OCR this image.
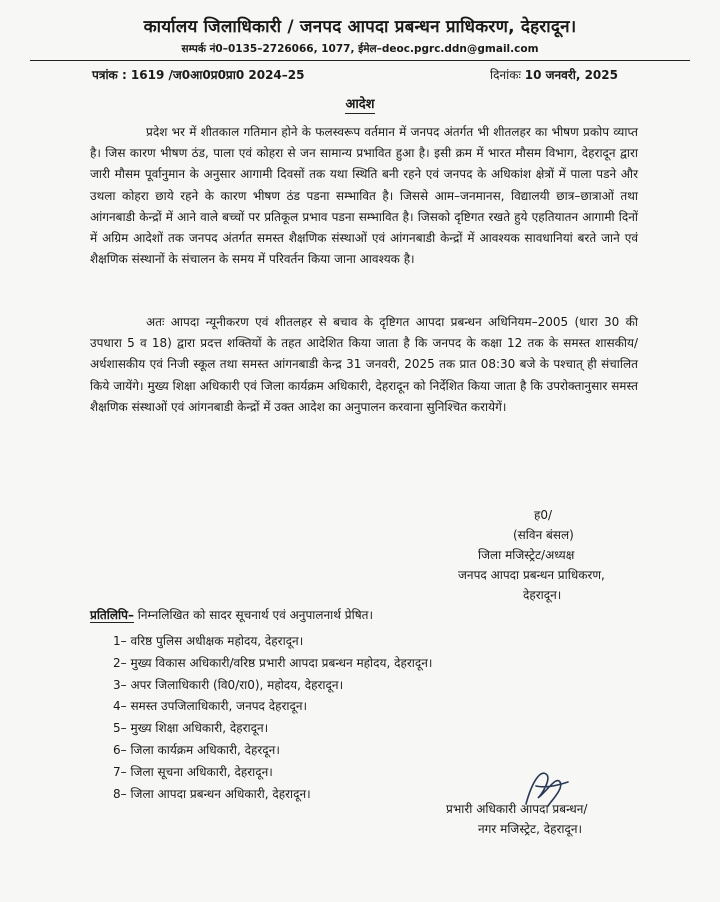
कार्यालय जिलाधिकारी / जनपद आपदा प्रबन्धन प्राधिकरण, देहरादून।
सम्पर्क नं0–0135–2726066, 1077, ईमेल–deoc.pgrc.ddn@gmail.com
पत्रांक : 1619 /ज0आ0प्र0प्रा0 2024–25	दिनांकः 10 जनवरी, 2025
आदेश
प्रदेश भर में शीतकाल गतिमान होने के फलस्वरूप वर्तमान में जनपद अंतर्गत भी शीतलहर का भीषण प्रकोप व्याप्त है। जिस कारण भीषण ठंड, पाला एवं कोहरा से जन सामान्य प्रभावित हुआ है। इसी क्रम में भारत मौसम विभाग, देहरादून द्वारा जारी मौसम पूर्वानुमान के अनुसार आगामी दिवसों तक यथा स्थिति बनी रहने एवं जनपद के अधिकांश क्षेत्रों में पाला पडने और उथला कोहरा छाये रहने के कारण भीषण ठंड पडना सम्भावित है। जिससे आम–जनमानस, विद्यालयी छात्र–छात्राओं तथा आंगनबाडी केन्द्रों में आने वाले बच्चों पर प्रतिकूल प्रभाव पडना सम्भावित है। जिसको दृष्टिगत रखते हुये एहतियातन आगामी दिनों में अग्रिम आदेशों तक जनपद अंतर्गत समस्त शैक्षणिक संस्थाओं एवं आंगनबाडी केन्द्रों में आवश्यक सावधानियां बरते जाने एवं शैक्षणिक संस्थानों के संचालन के समय में परिवर्तन किया जाना आवश्यक है।
अतः आपदा न्यूनीकरण एवं शीतलहर से बचाव के दृष्टिगत आपदा प्रबन्धन अधिनियम–2005 (धारा 30 की उपधारा 5 व 18) द्वारा प्रदत्त शक्तियों के तहत आदेशित किया जाता है कि जनपद के कक्षा 12 तक के समस्त शासकीय/अर्धशासकीय एवं निजी स्कूल तथा समस्त आंगनबाडी केन्द्र 31 जनवरी, 2025 तक प्रात 08:30 बजे के पश्चात् ही संचालित किये जायेंगे। मुख्य शिक्षा अधिकारी एवं जिला कार्यक्रम अधिकारी, देहरादून को निर्देशित किया जाता है कि उपरोक्तानुसार समस्त शैक्षणिक संस्थाओं एवं आंगनबाडी केन्द्रों में उक्त आदेश का अनुपालन करवाना सुनिश्चित करायेगें।
ह0/
(सविन बंसल)
जिला मजिस्ट्रेट/अध्यक्ष
जनपद आपदा प्रबन्धन प्राधिकरण,
देहरादून।
प्रतिलिपि– निम्नलिखित को सादर सूचनार्थ एवं अनुपालनार्थ प्रेषित।
1– वरिष्ठ पुलिस अधीक्षक महोदय, देहरादून।
2– मुख्य विकास अधिकारी/वरिष्ठ प्रभारी आपदा प्रबन्धन महोदय, देहरादून।
3– अपर जिलाधिकारी (वि0/रा0), महोदय, देहरादून।
4– समस्त उपजिलाधिकारी, जनपद देहरादून।
5– मुख्य शिक्षा अधिकारी, देहरादून।
6– जिला कार्यक्रम अधिकारी, देहरदून।
7– जिला सूचना अधिकारी, देहरादून।
8– जिला आपदा प्रबन्धन अधिकारी, देहरादून।
प्रभारी अधिकारी आपदा प्रबन्धन/
नगर मजिस्ट्रेट, देहरादून।
